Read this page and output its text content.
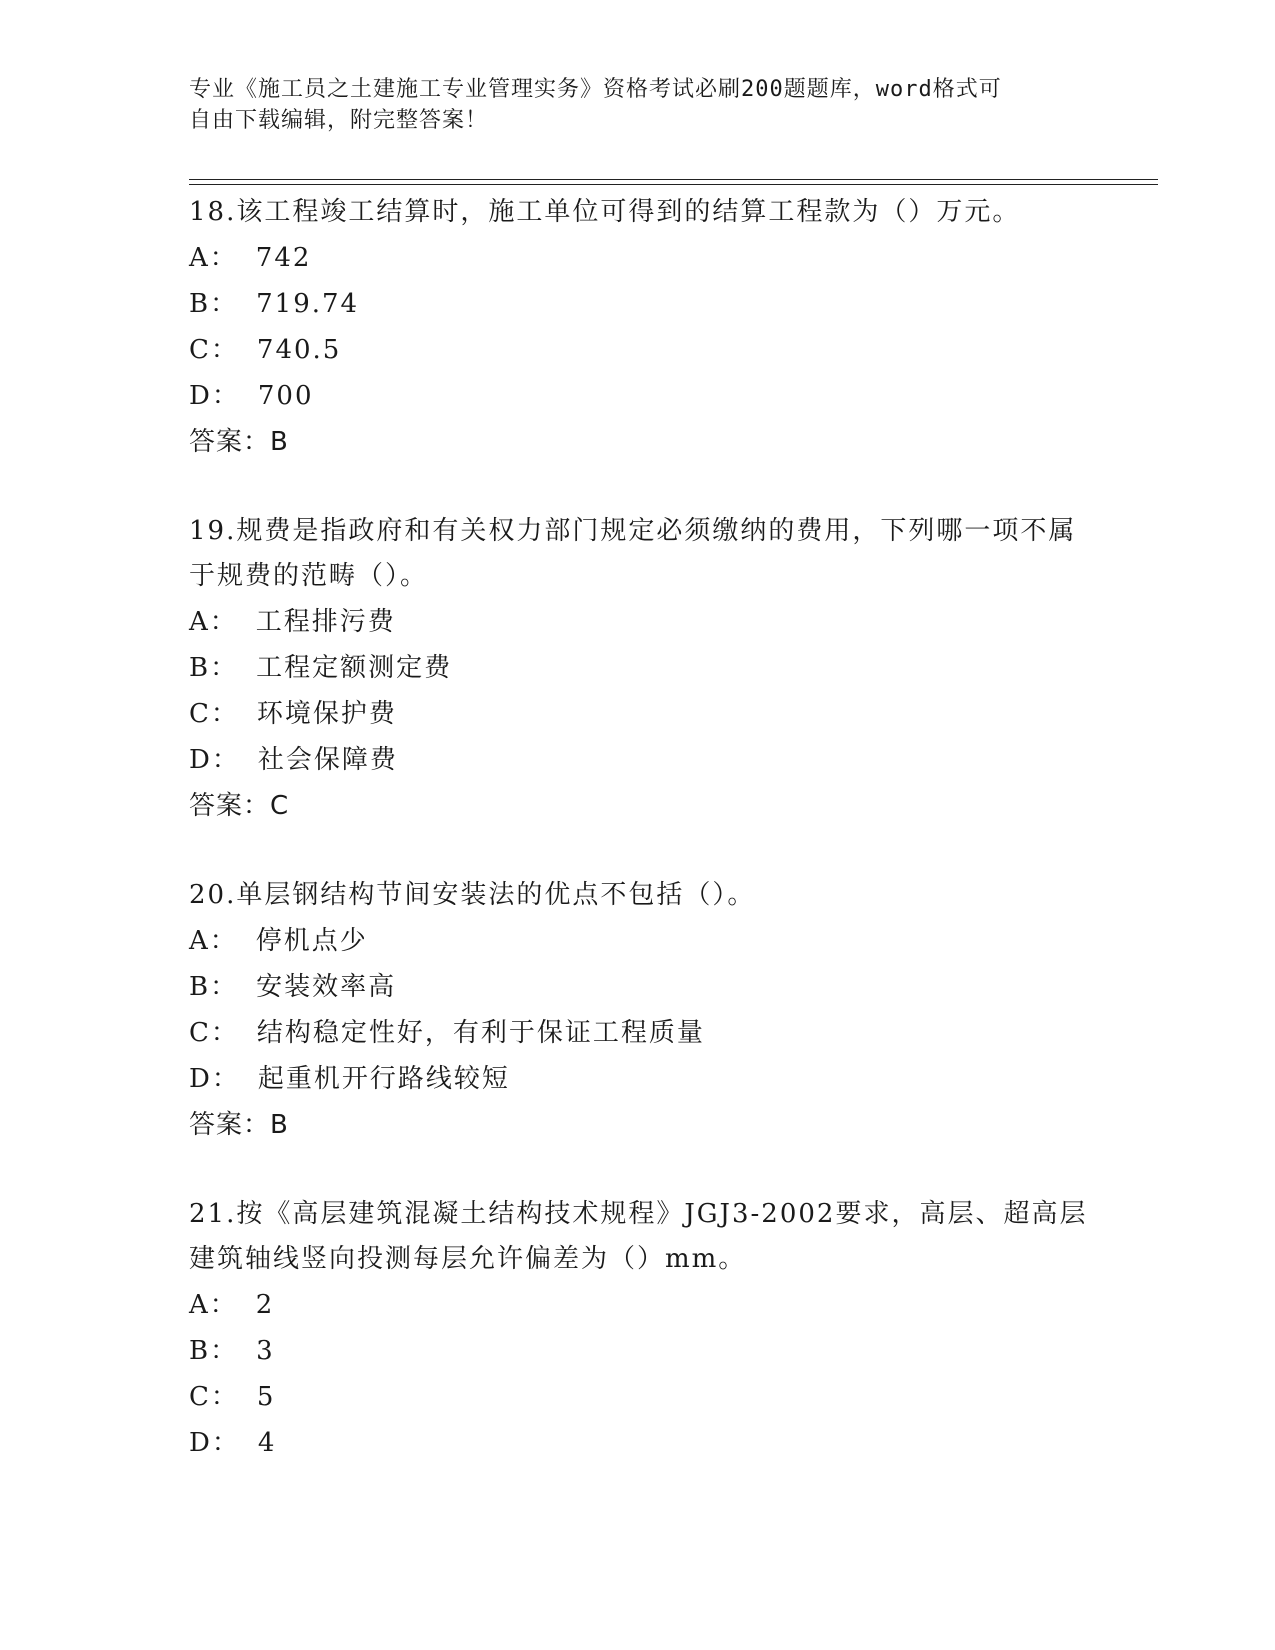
专业《施工员之土建施工专业管理实务》资格考试必刷200题题库，word格式可
自由下载编辑，附完整答案！

18.该工程竣工结算时，施工单位可得到的结算工程款为（）万元。

A： 742
B： 719.74
C： 740.5
D： 700
答案：B

19.规费是指政府和有关权力部门规定必须缴纳的费用，下列哪一项不属于规费的范畴（）。

A： 工程排污费
B： 工程定额测定费
C： 环境保护费
D： 社会保障费
答案：C

20.单层钢结构节间安装法的优点不包括（）。

A： 停机点少
B： 安装效率高
C： 结构稳定性好，有利于保证工程质量
D： 起重机开行路线较短
答案：B

21.按《高层建筑混凝土结构技术规程》JGJ3-2002要求，高层、超高层建筑轴线竖向投测每层允许偏差为（）mm。

A： 2
B： 3
C： 5
D： 4
